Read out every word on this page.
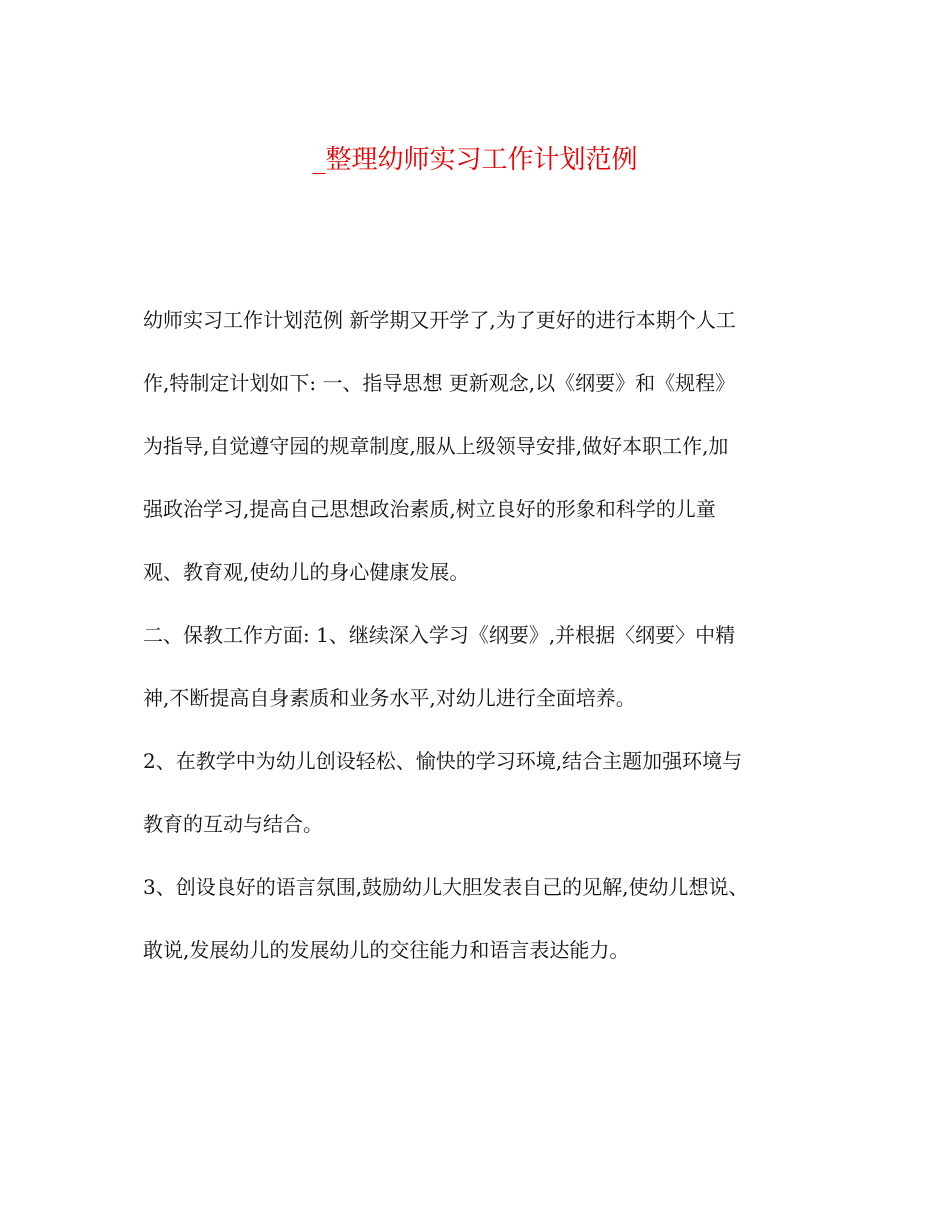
_整理幼师实习工作计划范例
幼师实习工作计划范例 新学期又开学了,为了更好的进行本期个人工
作,特制定计划如下: 一、指导思想 更新观念,以《纲要》和《规程》
为指导,自觉遵守园的规章制度,服从上级领导安排,做好本职工作,加
强政治学习,提高自己思想政治素质,树立良好的形象和科学的儿童
观、教育观,使幼儿的身心健康发展。
二、保教工作方面: 1、继续深入学习《纲要》,并根据〈纲要〉中精
神,不断提高自身素质和业务水平,对幼儿进行全面培养。
2、在教学中为幼儿创设轻松、愉快的学习环境,结合主题加强环境与
教育的互动与结合。
3、创设良好的语言氛围,鼓励幼儿大胆发表自己的见解,使幼儿想说、
敢说,发展幼儿的发展幼儿的交往能力和语言表达能力。
